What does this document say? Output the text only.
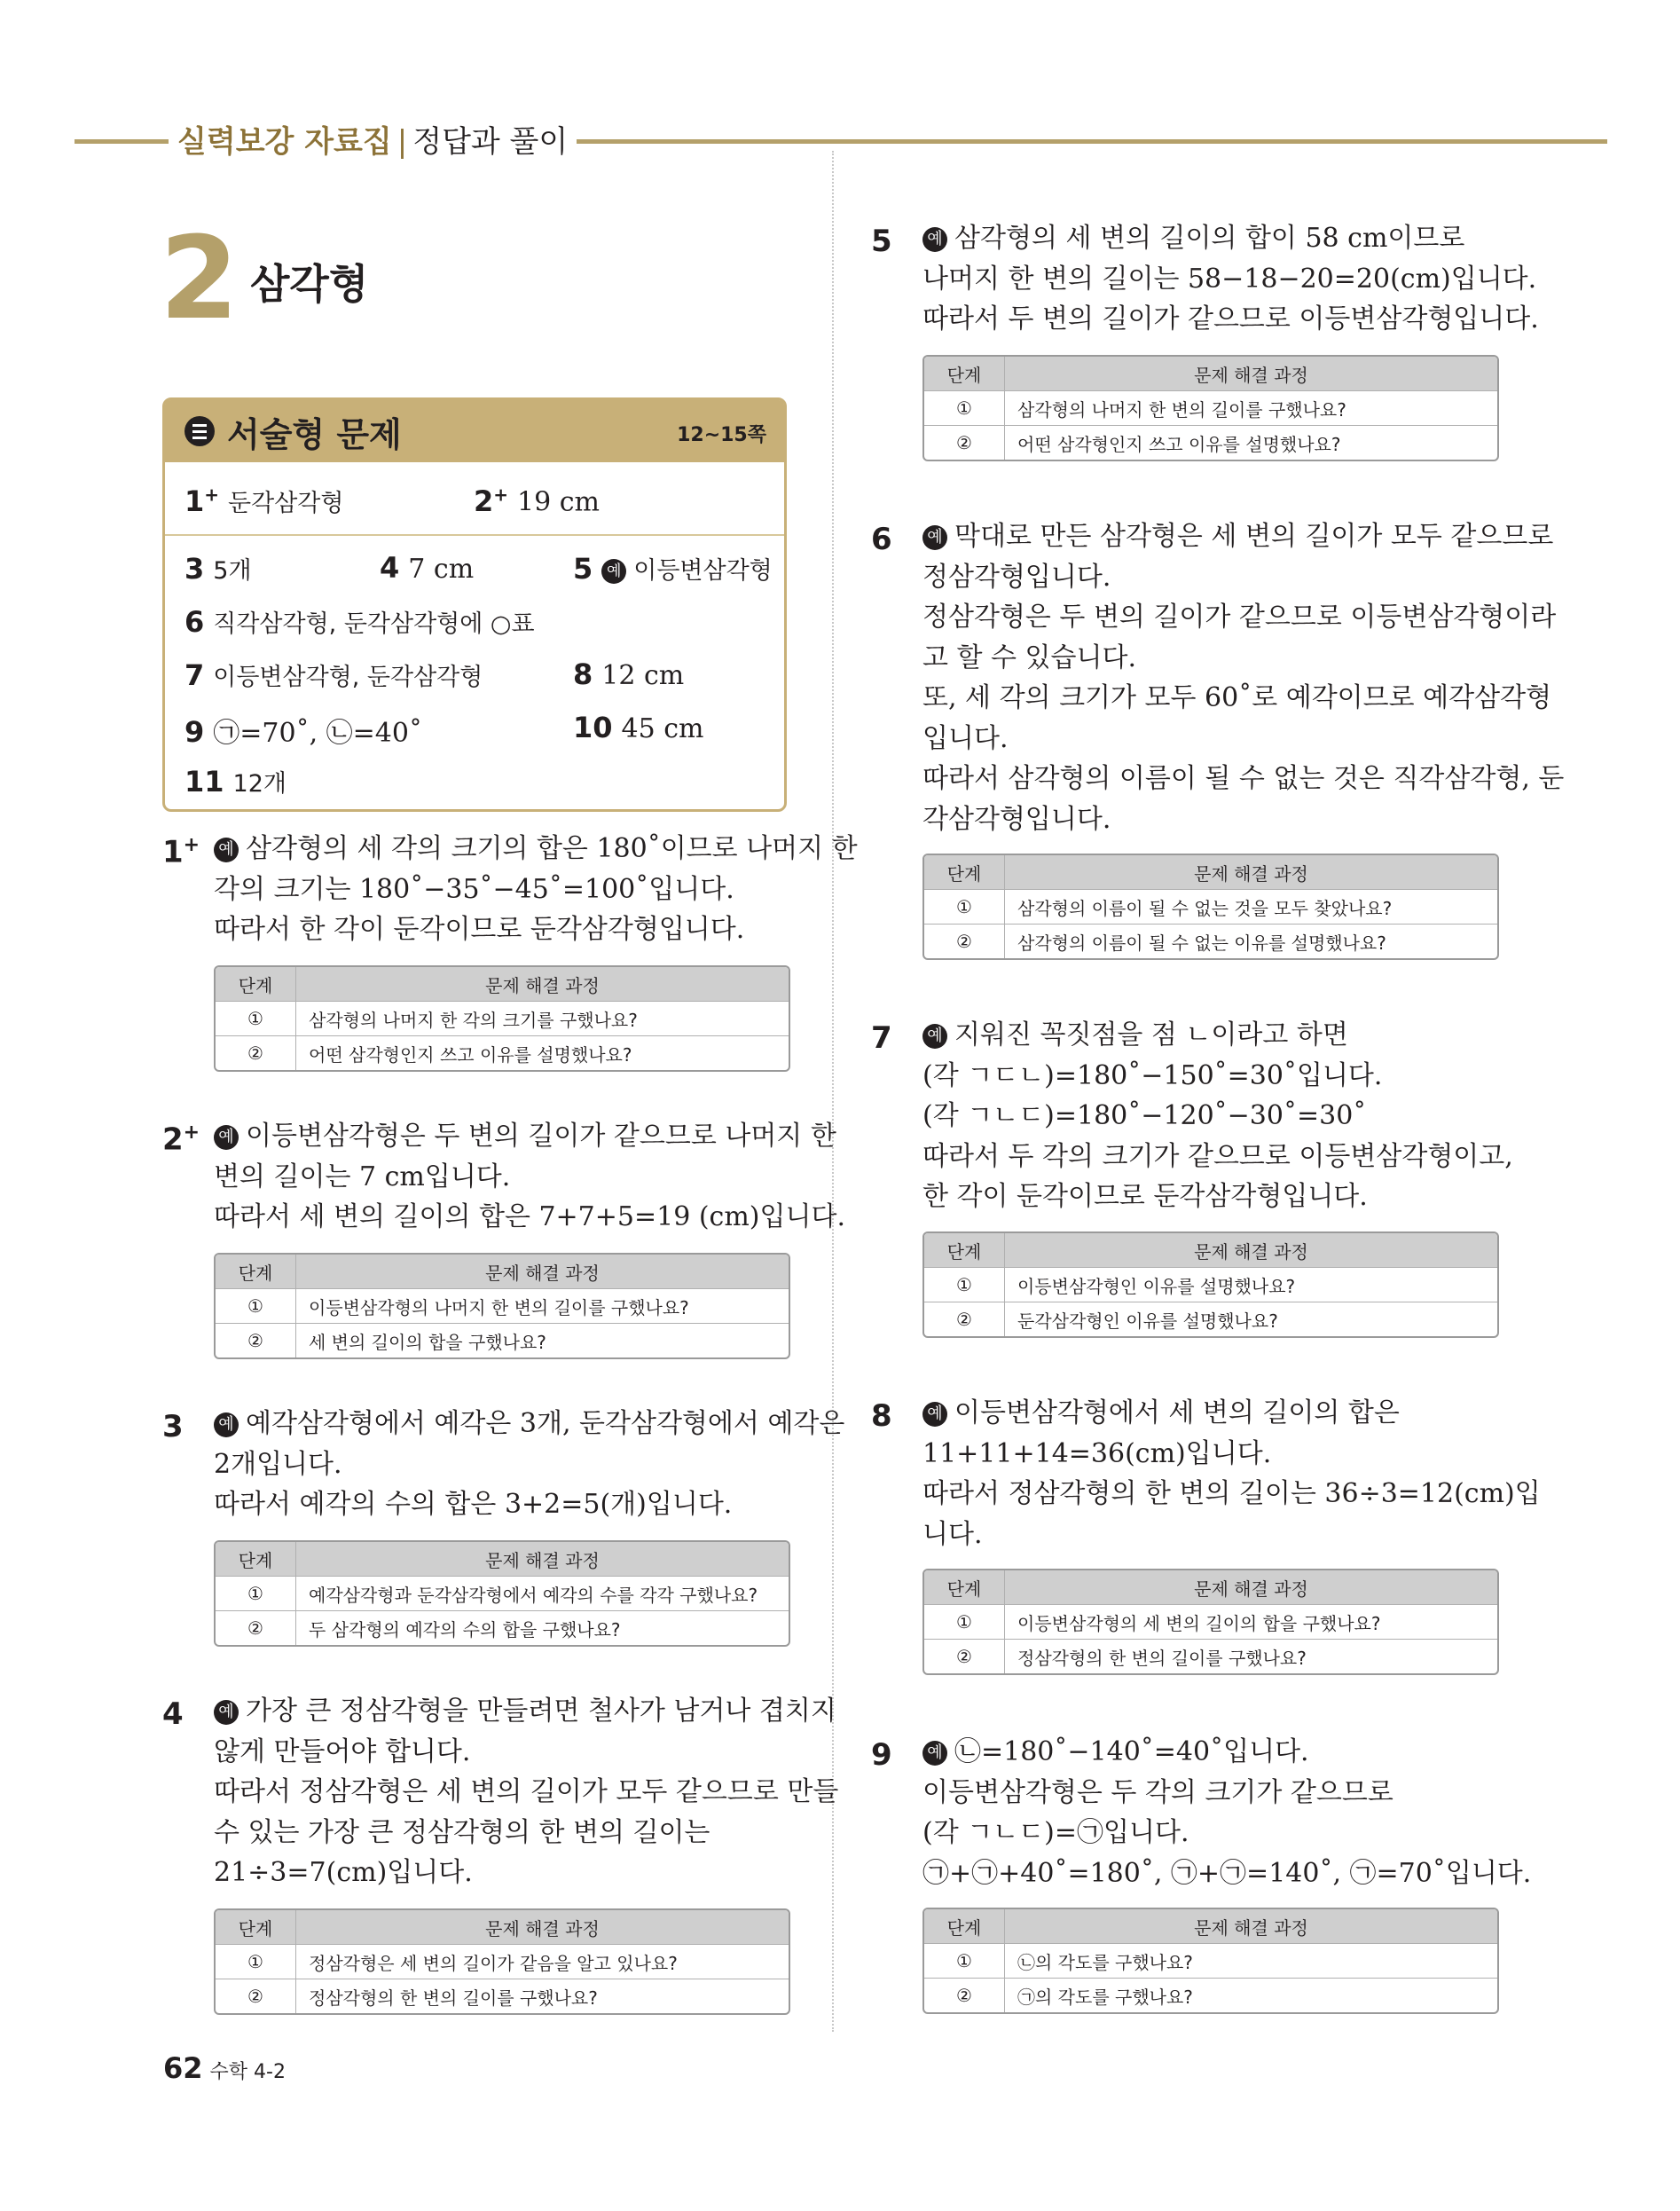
실력보강 자료집 | 정답과 풀이
2 삼각형
서술형 문제	12~15쪽
1+ 둔각삼각형	2+ 19 cm
3 5개	4 7 cm	5 예 이등변삼각형
6 직각삼각형, 둔각삼각형에 ○표
7 이등변삼각형, 둔각삼각형	8 12 cm
9 ㉠=70˚, ㉡=40˚	10 45 cm
11 12개
62 수학 4-2
1+ 예 삼각형의 세 각의 크기의 합은 180˚이므로 나머지 한

각의 크기는 180˚−35˚−45˚=100˚입니다.

따라서 한 각이 둔각이므로 둔각삼각형입니다.

단계	문제 해결 과정
①	삼각형의 나머지 한 각의 크기를 구했나요?
②	어떤 삼각형인지 쓰고 이유를 설명했나요?
2+ 예 이등변삼각형은 두 변의 길이가 같으므로 나머지 한

변의 길이는 7 cm입니다.

따라서 세 변의 길이의 합은 7+7+5=19 (cm)입니다.

단계	문제 해결 과정
①	이등변삼각형의 나머지 한 변의 길이를 구했나요?
②	세 변의 길이의 합을 구했나요?
3 예 예각삼각형에서 예각은 3개, 둔각삼각형에서 예각은

2개입니다.

따라서 예각의 수의 합은 3+2=5(개)입니다.

단계	문제 해결 과정
①	예각삼각형과 둔각삼각형에서 예각의 수를 각각 구했나요?
②	두 삼각형의 예각의 수의 합을 구했나요?
4 예 가장 큰 정삼각형을 만들려면 철사가 남거나 겹치지

않게 만들어야 합니다.

따라서 정삼각형은 세 변의 길이가 모두 같으므로 만들

수 있는 가장 큰 정삼각형의 한 변의 길이는

21÷3=7(cm)입니다.

단계	문제 해결 과정
①	정삼각형은 세 변의 길이가 같음을 알고 있나요?
②	정삼각형의 한 변의 길이를 구했나요?
5 예 삼각형의 세 변의 길이의 합이 58 cm이므로

나머지 한 변의 길이는 58−18−20=20(cm)입니다.

따라서 두 변의 길이가 같으므로 이등변삼각형입니다.

단계	문제 해결 과정
①	삼각형의 나머지 한 변의 길이를 구했나요?
②	어떤 삼각형인지 쓰고 이유를 설명했나요?
6 예 막대로 만든 삼각형은 세 변의 길이가 모두 같으므로

정삼각형입니다.

정삼각형은 두 변의 길이가 같으므로 이등변삼각형이라

고 할 수 있습니다.

또, 세 각의 크기가 모두 60˚로 예각이므로 예각삼각형

입니다.

따라서 삼각형의 이름이 될 수 없는 것은 직각삼각형, 둔

각삼각형입니다.

단계	문제 해결 과정
①	삼각형의 이름이 될 수 없는 것을 모두 찾았나요?
②	삼각형의 이름이 될 수 없는 이유를 설명했나요?
7 예 지워진 꼭짓점을 점 ㄴ이라고 하면

(각 ㄱㄷㄴ)=180˚−150˚=30˚입니다.

(각 ㄱㄴㄷ)=180˚−120˚−30˚=30˚

따라서 두 각의 크기가 같으므로 이등변삼각형이고,

한 각이 둔각이므로 둔각삼각형입니다.

단계	문제 해결 과정
①	이등변삼각형인 이유를 설명했나요?
②	둔각삼각형인 이유를 설명했나요?
8 예 이등변삼각형에서 세 변의 길이의 합은

11+11+14=36(cm)입니다.

따라서 정삼각형의 한 변의 길이는 36÷3=12(cm)입

니다.

단계	문제 해결 과정
①	이등변삼각형의 세 변의 길이의 합을 구했나요?
②	정삼각형의 한 변의 길이를 구했나요?
9 예 ㉡=180˚−140˚=40˚입니다.

이등변삼각형은 두 각의 크기가 같으므로

(각 ㄱㄴㄷ)=㉠입니다.

㉠+㉠+40˚=180˚, ㉠+㉠=140˚, ㉠=70˚입니다.

단계	문제 해결 과정
①	㉡의 각도를 구했나요?
②	㉠의 각도를 구했나요?
